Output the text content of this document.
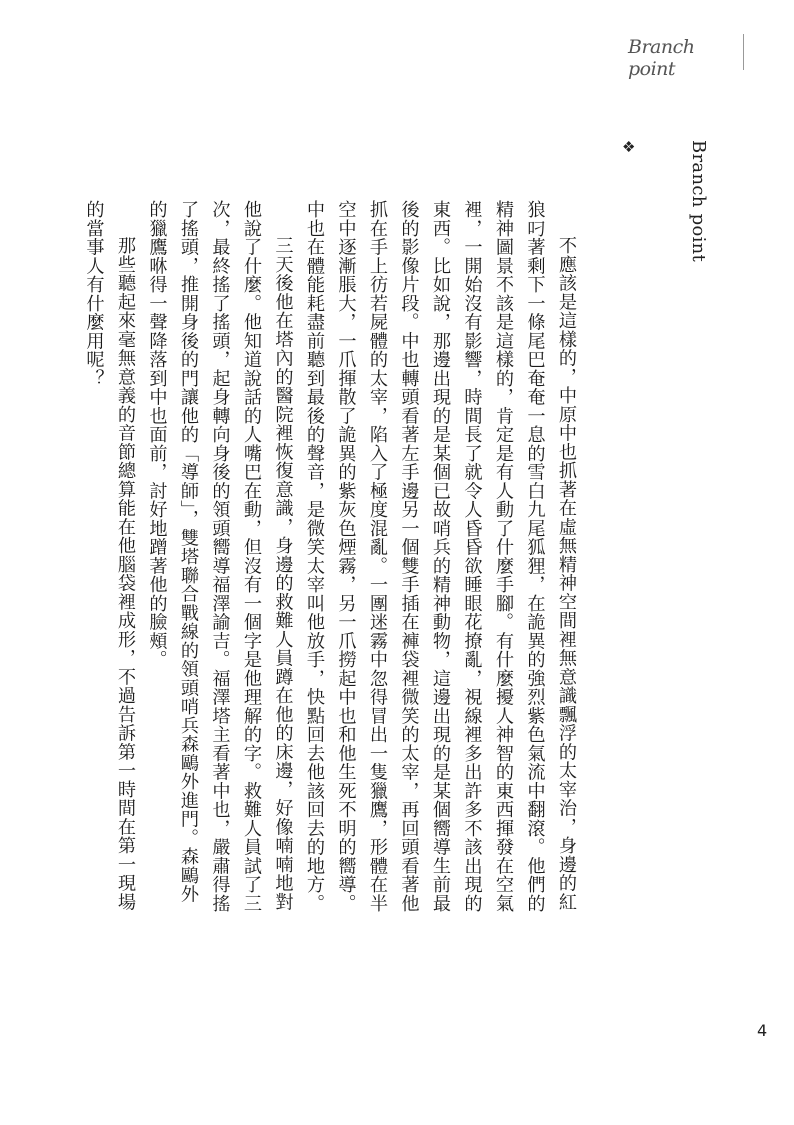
Branch point
Branch point
❖

不應該是這樣的，中原中也抓著在虛無精神空間裡無意識飄浮的太宰治，身邊的紅狼叼著剩下一條尾巴奄奄一息的雪白九尾狐狸，在詭異的強烈紫色氣流中翻滾。他們的精神圖景不該是這樣的，肯定是有人動了什麼手腳。有什麼擾人神智的東西揮發在空氣裡，一開始沒有影響，時間長了就令人昏昏欲睡眼花撩亂，視線裡多出許多不該出現的東西。比如說，那邊出現的是某個已故哨兵的精神動物，這邊出現的是某個嚮導生前最後的影像片段。中也轉頭看著左手邊另一個雙手插在褲袋裡微笑的太宰，再回頭看著他抓在手上彷若屍體的太宰，陷入了極度混亂。一團迷霧中忽得冒出一隻獵鷹，形體在半空中逐漸脹大，一爪揮散了詭異的紫灰色煙霧，另一爪撈起中也和他生死不明的嚮導。中也在體能耗盡前聽到最後的聲音，是微笑太宰叫他放手，快點回去他該回去的地方。

三天後他在塔內的醫院裡恢復意識，身邊的救難人員蹲在他的床邊，好像喃喃地對他說了什麼。他知道說話的人嘴巴在動，但沒有一個字是他理解的字。救難人員試了三次，最終搖了搖頭，起身轉向身後的領頭嚮導福澤諭吉。福澤塔主看著中也，嚴肅得搖了搖頭，推開身後的門讓他的「導師」，雙塔聯合戰線的領頭哨兵森鷗外進門。森鷗外的獵鷹咻得一聲降落到中也面前，討好地蹭著他的臉頰。

那些聽起來毫無意義的音節總算能在他腦袋裡成形，不過告訴第一時間在第一現場的當事人有什麼用呢？

4
